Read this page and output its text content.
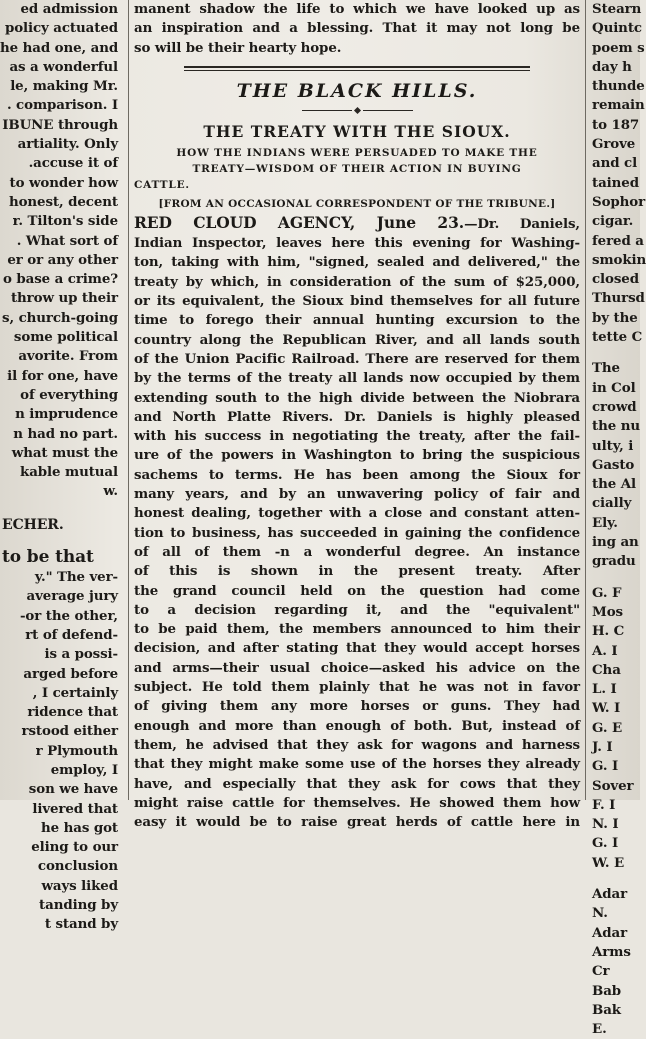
ed admission
policy actuated
he had one, and
as a wonderful
le, making Mr.
. comparison. I
IBUNE through
artiality. Only
.accuse it of
to wonder how
honest, decent
r. Tilton's side
. What sort of
er or any other
o base a crime?
throw up their
s, church-going
some political
avorite. From
il for one, have
of everything
n imprudence
n had no part.
what must the
kable mutual
w.
ECHER.
to be that
y." The ver-
average jury
-or the other,
rt of defend-
is a possi-
arged before
, I certainly
ridence that
rstood either
r Plymouth
employ, I
son we have
livered that
he has got
eling to our
conclusion
ways liked
tanding by
t stand by
manent shadow the life to which we have looked up as
an inspiration and a blessing. That it may not long be
so will be their hearty hope.
THE BLACK HILLS.
THE TREATY WITH THE SIOUX.
HOW THE INDIANS WERE PERSUADED TO MAKE THE
TREATY—WISDOM OF THEIR ACTION IN BUYING
CATTLE.
[FROM AN OCCASIONAL CORRESPONDENT OF THE TRIBUNE.]
RED CLOUD AGENCY, June 23.—Dr. Daniels,
Indian Inspector, leaves here this evening for Washing-
ton, taking with him, "signed, sealed and delivered," the
treaty by which, in consideration of the sum of $25,000,
or its equivalent, the Sioux bind themselves for all future
time to forego their annual hunting excursion to the
country along the Republican River, and all lands south
of the Union Pacific Railroad. There are reserved for them
by the terms of the treaty all lands now occupied by them
extending south to the high divide between the Niobrara
and North Platte Rivers. Dr. Daniels is highly pleased
with his success in negotiating the treaty, after the fail-
ure of the powers in Washington to bring the suspicious
sachems to terms. He has been among the Sioux for
many years, and by an unwavering policy of fair and
honest dealing, together with a close and constant atten-
tion to business, has succeeded in gaining the confidence
of all of them -n a wonderful degree. An instance
of this is shown in the present treaty. After
the grand council held on the question had come
to a decision regarding it, and the "equivalent"
to be paid them, the members announced to him their
decision, and after stating that they would accept horses
and arms—their usual choice—asked his advice on the
subject. He told them plainly that he was not in favor
of giving them any more horses or guns. They had
enough and more than enough of both. But, instead of
them, he advised that they ask for wagons and harness
that they might make some use of the horses they already
have, and especially that they ask for cows that they
might raise cattle for themselves. He showed them how
easy it would be to raise great herds of cattle here in
Stearn
Quintc
poem s
day h
thunde
remain
to 187
Grove
and cl
tained
Sophor
cigar.
fered a
smokin
closed
Thursd
by the
tette C
The
in Col
crowd
the nu
ulty, i
Gasto
the Al
cially
Ely.
ing an
gradu
G. F
Mos
H. C
A. I
Cha
L. I
W. I
G. E
J. I
G. I
Sover
F. I
N. I
G. I
W. E
Adar
N.
Adar
Arms
Cr
Bab
Bak
E.
